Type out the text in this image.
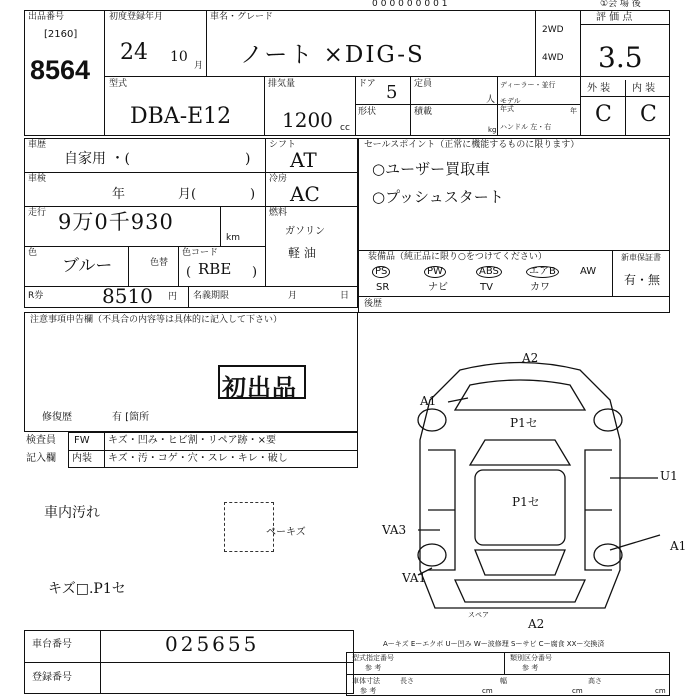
000000001	①会 場 後
出品番号
[2160]
8564
初度登録年月
24 10
月
車名・グレード
ノート ×DIG-S
2WD
4WD
評 価 点
3.5
型式
DBA-E12
排気量
1200 cc
ドア 5
形状
定員
人
積載
kg
ディーラー・並行
モデル
年式	年
ハンドル 左・右
外 装 内 装
C C
車歴
自家用 ・(	)
車検
年	月(	)
走行 9万0千930
km
色
ブルー	色替
色コード
RBE
(	)
シフト
AT
冷房
AC
燃料
ガソリン
軽 油
R券	8510 円 名義期限	月	日
セールスポイント（正常に機能するものに限ります）
○ユーザー買取車
○プッシュスタート
装備品（純正品に限り○をつけてください）	新車保証書
有・無
PS	PW	ABS	エアB	AW
SR	ナビ	TV	カワ
後歴
注意事項申告欄（不具合の内容等は具体的に記入して下さい）
初出品
修復歴	有 [箇所
検査員
記入欄
FW キズ・凹み・ヒビ割・リペア跡・×要
内装 キズ・汚・コゲ・穴・スレ・キレ・破し
車内汚れ
ペーキズ
キズ□.P1セ
A2
A1
P1セ
P1セ
U1
VA3
A1
VA1
A2
スペア
車台番号	025655
登録番号
Aーキズ Eーエクボ Uー凹み Wー波修理 Sーサビ Cー腐食 XXー交換済
型式指定番号
参 考
類別区分番号
参 考
車体寸法
参 考
長さ
cm
幅
cm
高さ
cm
